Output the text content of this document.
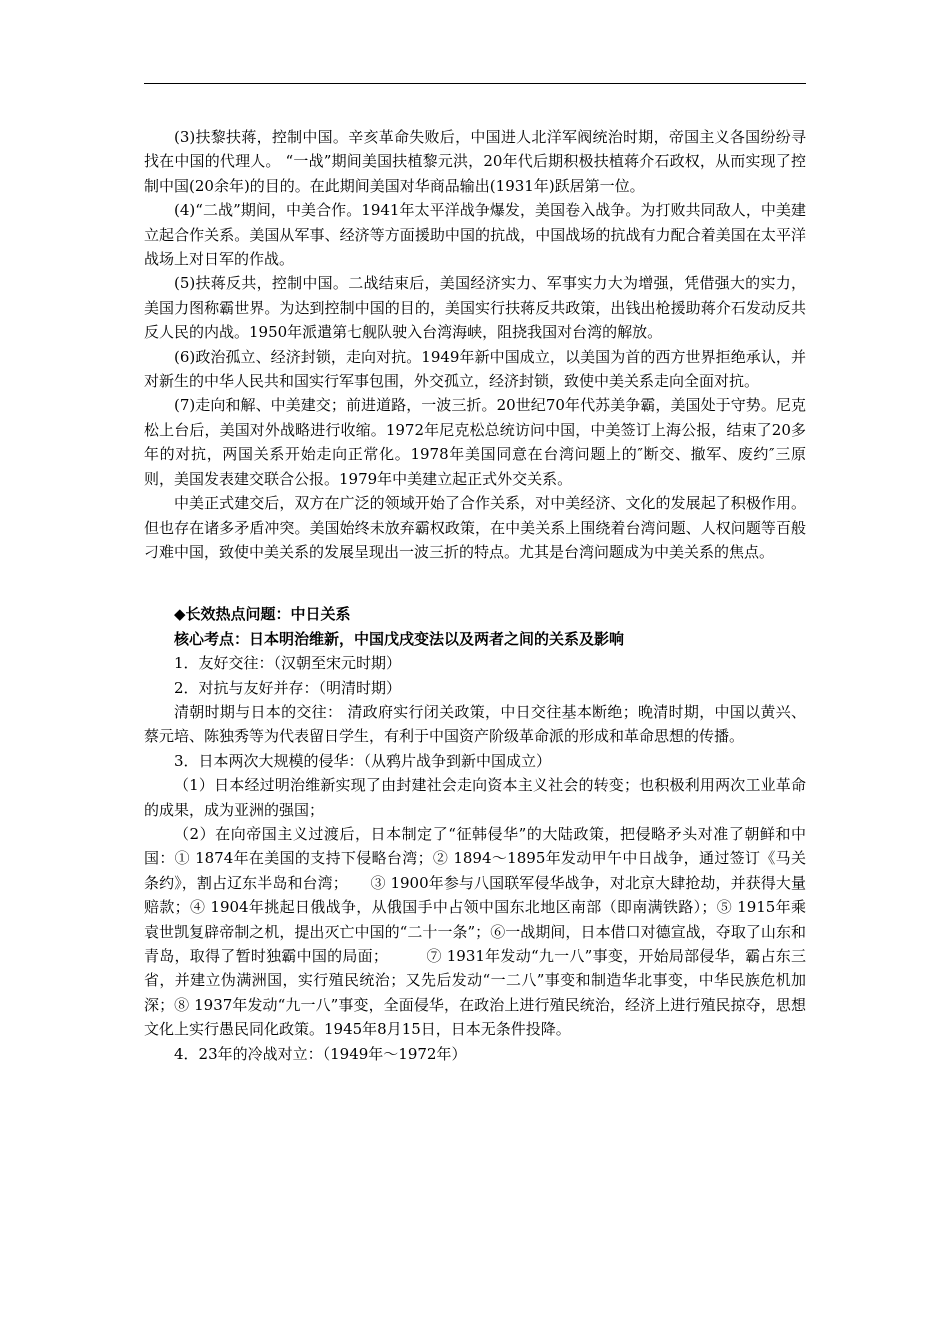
(3)扶黎扶蒋，控制中国。辛亥革命失败后，中国进人北洋军阀统治时期，帝国主义各国纷纷寻找在中国的代理人。 “一战”期间美国扶植黎元洪，20年代后期积极扶植蒋介石政权，从而实现了控制中国(20余年)的目的。在此期间美国对华商品输出(1931年)跃居第一位。

(4)“二战”期间，中美合作。1941年太平洋战争爆发，美国卷入战争。为打败共同敌人，中美建立起合作关系。美国从军事、经济等方面援助中国的抗战，中国战场的抗战有力配合着美国在太平洋战场上对日军的作战。

(5)扶蒋反共，控制中国。二战结束后，美国经济实力、军事实力大为增强，凭借强大的实力，美国力图称霸世界。为达到控制中国的目的，美国实行扶蒋反共政策，出钱出枪援助蒋介石发动反共反人民的内战。1950年派遣第七舰队驶入台湾海峡，阻挠我国对台湾的解放。

(6)政治孤立、经济封锁，走向对抗。1949年新中国成立，以美国为首的西方世界拒绝承认，并对新生的中华人民共和国实行军事包围，外交孤立，经济封锁，致使中美关系走向全面对抗。

(7)走向和解、中美建交；前进道路，一波三折。20世纪70年代苏美争霸，美国处于守势。尼克松上台后，美国对外战略进行收缩。1972年尼克松总统访问中国，中美签订上海公报，结束了20多年的对抗，两国关系开始走向正常化。1978年美国同意在台湾问题上的″断交、撤军、废约″三原则，美国发表建交联合公报。1979年中美建立起正式外交关系。

中美正式建交后，双方在广泛的领域开始了合作关系，对中美经济、文化的发展起了积极作用。但也存在诸多矛盾冲突。美国始终未放弃霸权政策，在中美关系上围绕着台湾问题、人权问题等百般刁难中国，致使中美关系的发展呈现出一波三折的特点。尤其是台湾问题成为中美关系的焦点。

◆长效热点问题：中日关系

核心考点：日本明治维新，中国戊戌变法以及两者之间的关系及影响

1．友好交往：（汉朝至宋元时期）

2．对抗与友好并存：（明清时期）

清朝时期与日本的交往： 清政府实行闭关政策，中日交往基本断绝；晚清时期，中国以黄兴、蔡元培、陈独秀等为代表留日学生，有利于中国资产阶级革命派的形成和革命思想的传播。

3．日本两次大规模的侵华：（从鸦片战争到新中国成立）

（1）日本经过明治维新实现了由封建社会走向资本主义社会的转变；也积极利用两次工业革命的成果，成为亚洲的强国；

（2）在向帝国主义过渡后，日本制定了“征韩侵华”的大陆政策，把侵略矛头对准了朝鲜和中国：① 1874年在美国的支持下侵略台湾；② 1894～1895年发动甲午中日战争，通过签订《马关条约》，割占辽东半岛和台湾；　　③ 1900年参与八国联军侵华战争，对北京大肆抢劫，并获得大量赔款；④ 1904年挑起日俄战争，从俄国手中占领中国东北地区南部（即南满铁路）；⑤ 1915年乘袁世凯复辟帝制之机，提出灭亡中国的“二十一条”；⑥一战期间，日本借口对德宣战，夺取了山东和青岛，取得了暂时独霸中国的局面；　　　⑦ 1931年发动“九一八”事变，开始局部侵华，霸占东三省，并建立伪满洲国，实行殖民统治；又先后发动“一二八”事变和制造华北事变，中华民族危机加深；⑧ 1937年发动“九一八”事变，全面侵华，在政治上进行殖民统治，经济上进行殖民掠夺，思想文化上实行愚民同化政策。1945年8月15日，日本无条件投降。

4．23年的冷战对立：（1949年～1972年）
